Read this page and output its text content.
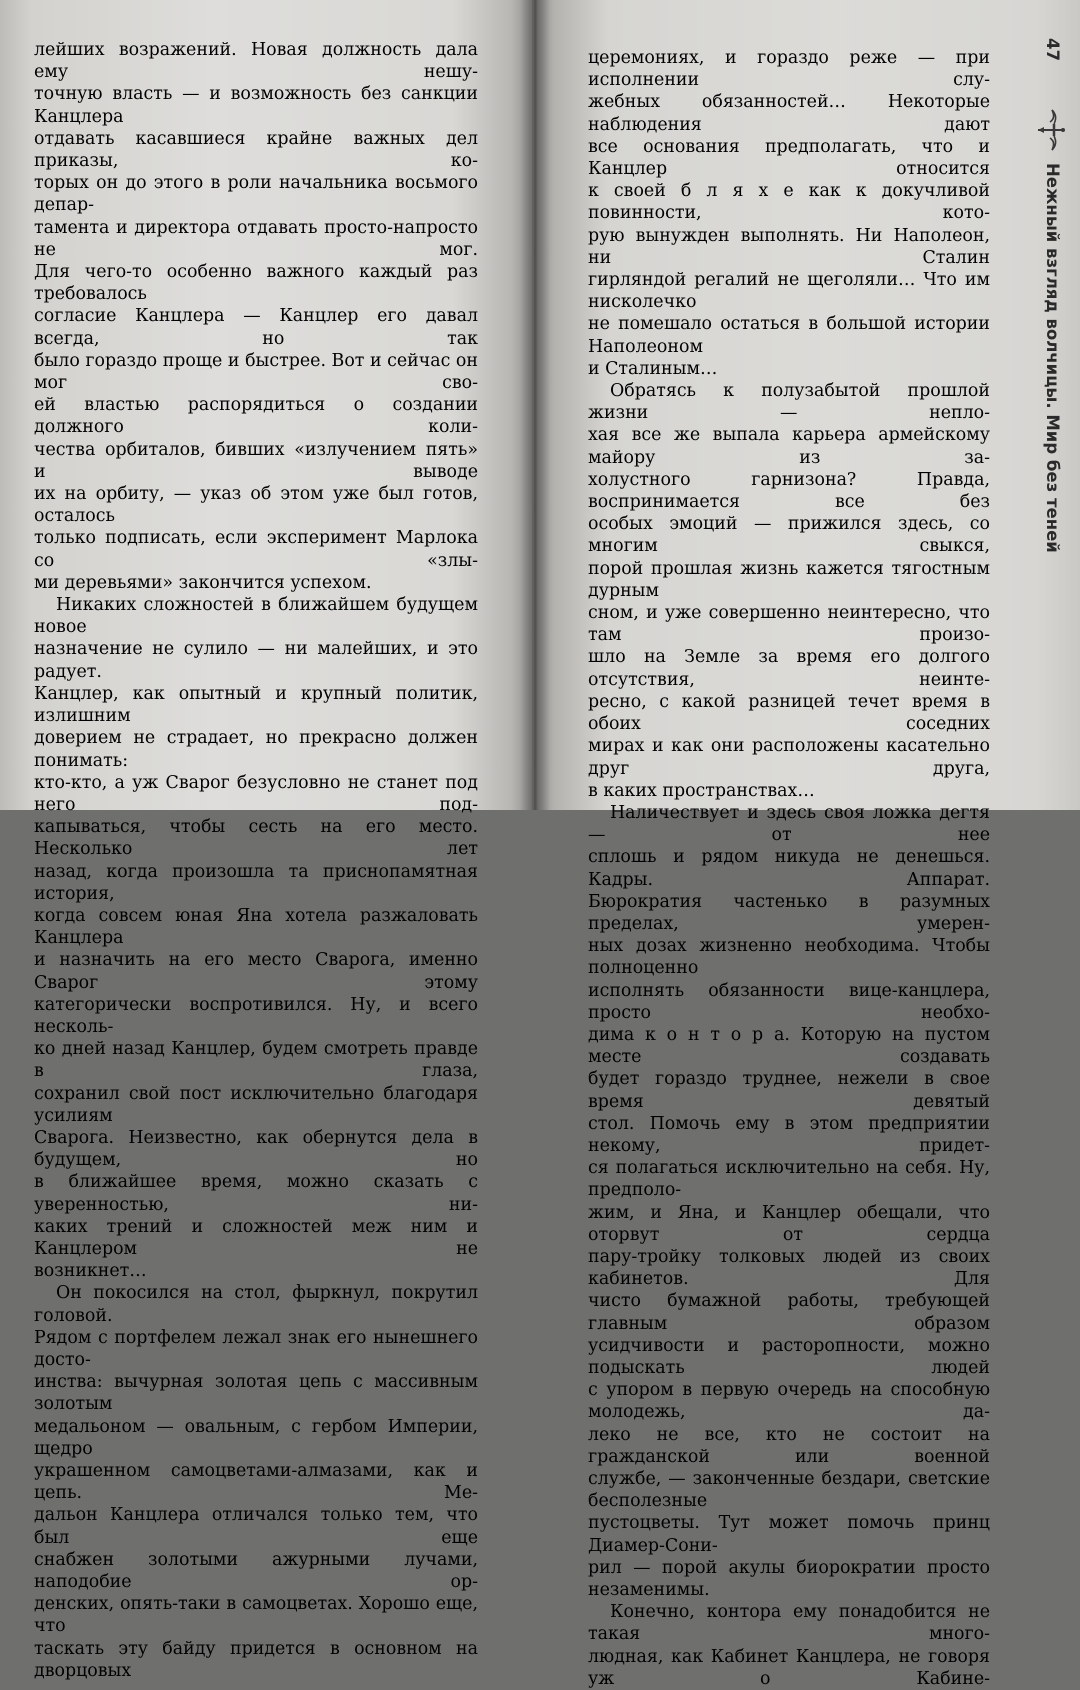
лейших возражений. Новая должность дала ему нешу-

точную власть — и возможность без санкции Канцлера

отдавать касавшиеся крайне важных дел приказы, ко-

торых он до этого в роли начальника восьмого депар-

тамента и директора отдавать просто-напросто не мог.

Для чего-то особенно важного каждый раз требовалось

согласие Канцлера — Канцлер его давал всегда, но так

было гораздо проще и быстрее. Вот и сейчас он мог сво-

ей властью распорядиться о создании должного коли-

чества орбиталов, бивших «излучением пять» и выводе

их на орбиту, — указ об этом уже был готов, осталось

только подписать, если эксперимент Марлока со «злы-

ми деревьями» закончится успехом.

Никаких сложностей в ближайшем будущем новое

назначение не сулило — ни малейших, и это радует.

Канцлер, как опытный и крупный политик, излишним

доверием не страдает, но прекрасно должен понимать:

кто-кто, а уж Сварог безусловно не станет под него под-

капываться, чтобы сесть на его место. Несколько лет

назад, когда произошла та приснопамятная история,

когда совсем юная Яна хотела разжаловать Канцлера

и назначить на его место Сварога, именно Сварог этому

категорически воспротивился. Ну, и всего несколь-

ко дней назад Канцлер, будем смотреть правде в глаза,

сохранил свой пост исключительно благодаря усилиям

Сварога. Неизвестно, как обернутся дела в будущем, но

в ближайшее время, можно сказать с уверенностью, ни-

каких трений и сложностей меж ним и Канцлером не

возникнет…

Он покосился на стол, фыркнул, покрутил головой.

Рядом с портфелем лежал знак его нынешнего досто-

инства: вычурная золотая цепь с массивным золотым

медальоном — овальным, с гербом Империи, щедро

украшенном самоцветами-алмазами, как и цепь. Ме-

дальон Канцлера отличался только тем, что был еще

снабжен золотыми ажурными лучами, наподобие ор-

денских, опять-таки в самоцветах. Хорошо еще, что

таскать эту байду придется в основном на дворцовых

церемониях, и гораздо реже — при исполнении слу-

жебных обязанностей… Некоторые наблюдения дают

все основания предполагать, что и Канцлер относится

к своей б л я х е как к докучливой повинности, кото-

рую вынужден выполнять. Ни Наполеон, ни Сталин

гирляндой регалий не щеголяли… Что им нисколечко

не помешало остаться в большой истории Наполеоном

и Сталиным…

Обратясь к полузабытой прошлой жизни — непло-

хая все же выпала карьера армейскому майору из за-

холустного гарнизона? Правда, воспринимается все без

особых эмоций — прижился здесь, со многим свыкся,

порой прошлая жизнь кажется тягостным дурным

сном, и уже совершенно неинтересно, что там произо-

шло на Земле за время его долгого отсутствия, неинте-

ресно, с какой разницей течет время в обоих соседних

мирах и как они расположены касательно друг друга,

в каких пространствах…

Наличествует и здесь своя ложка дегтя — от нее

сплошь и рядом никуда не денешься. Кадры. Аппарат.

Бюрократия частенько в разумных пределах, умерен-

ных дозах жизненно необходима. Чтобы полноценно

исполнять обязанности вице-канцлера, просто необхо-

дима к о н т о р а. Которую на пустом месте создавать

будет гораздо труднее, нежели в свое время девятый

стол. Помочь ему в этом предприятии некому, придет-

ся полагаться исключительно на себя. Ну, предполо-

жим, и Яна, и Канцлер обещали, что оторвут от сердца

пару-тройку толковых людей из своих кабинетов. Для

чисто бумажной работы, требующей главным образом

усидчивости и расторопности, можно подыскать людей

с упором в первую очередь на способную молодежь, да-

леко не все, кто не состоит на гражданской или военной

службе, — законченные бездари, светские бесполезные

пустоцветы. Тут может помочь принц Диамер-Сони-

рил — порой акулы биорократии просто незаменимы.

Конечно, контора ему понадобится не такая много-

людная, как Кабинет Канцлера, не говоря уж о Кабине-

47
Нежный взгляд волчицы. Мир без теней
